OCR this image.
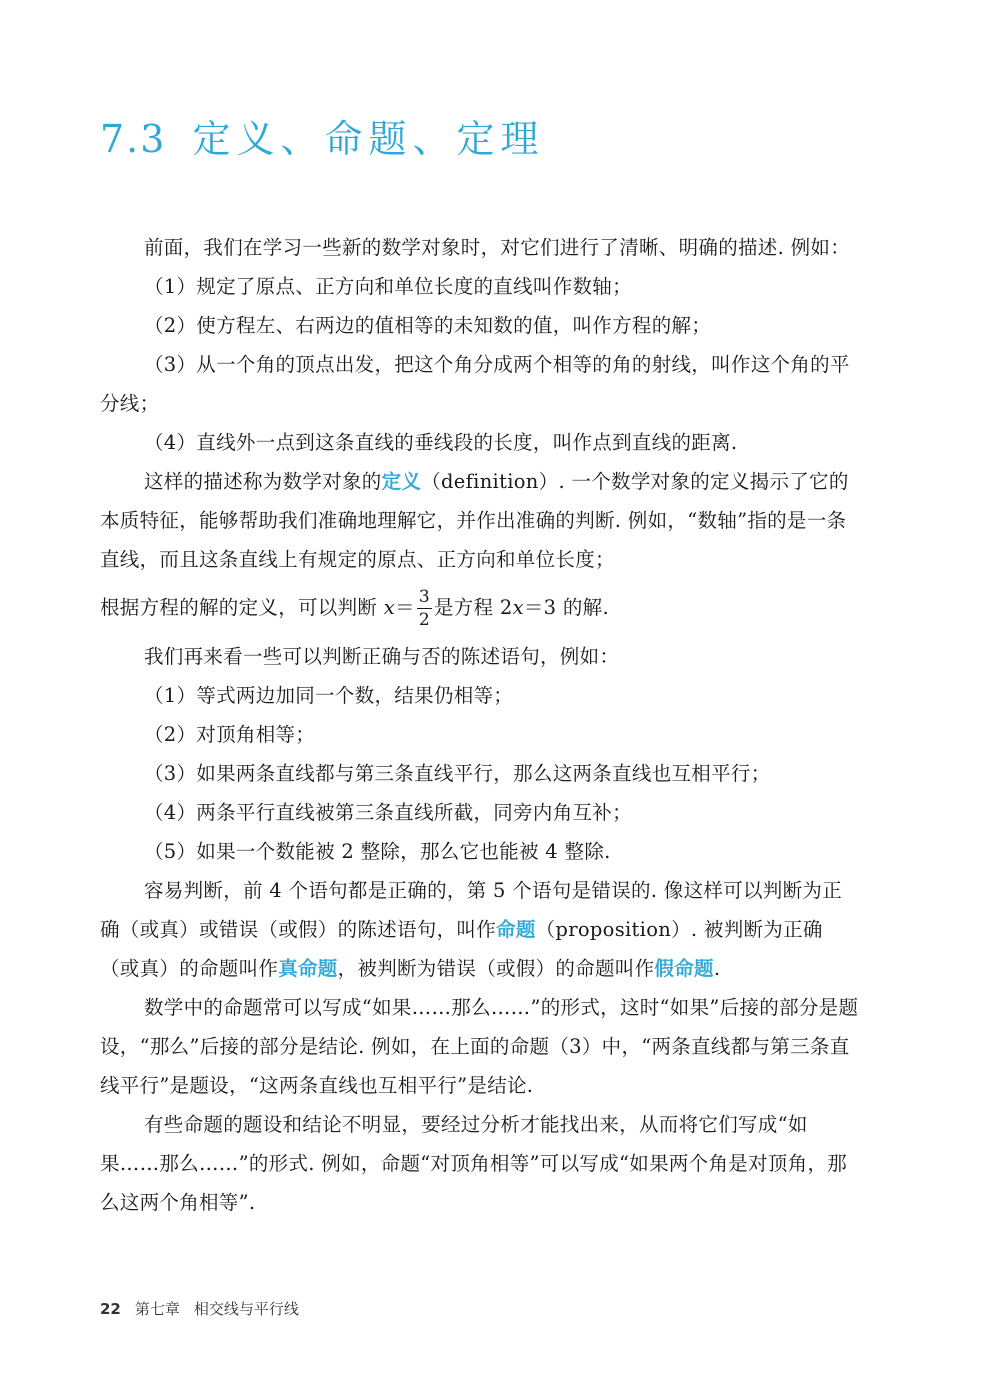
7.3 定义、命题、定理

前面，我们在学习一些新的数学对象时，对它们进行了清晰、明确的描述. 例如：

（1）规定了原点、正方向和单位长度的直线叫作数轴；

（2）使方程左、右两边的值相等的未知数的值，叫作方程的解；

（3）从一个角的顶点出发，把这个角分成两个相等的角的射线，叫作这个角的平分线；

（4）直线外一点到这条直线的垂线段的长度，叫作点到直线的距离.

这样的描述称为数学对象的定义（definition）. 一个数学对象的定义揭示了它的本质特征，能够帮助我们准确地理解它，并作出准确的判断. 例如，“数轴”指的是一条直线，而且这条直线上有规定的原点、正方向和单位长度；

根据方程的解的定义，可以判断 $x= \frac{3}{2}$ 是方程 2x＝3 的解.

我们再来看一些可以判断正确与否的陈述语句，例如：

（1）等式两边加同一个数，结果仍相等；

（2）对顶角相等；

（3）如果两条直线都与第三条直线平行，那么这两条直线也互相平行；

（4）两条平行直线被第三条直线所截，同旁内角互补；

（5）如果一个数能被 2 整除，那么它也能被 4 整除.

容易判断，前 4 个语句都是正确的，第 5 个语句是错误的. 像这样可以判断为正确（或真）或错误（或假）的陈述语句，叫作命题（proposition）. 被判断为正确（或真）的命题叫作真命题，被判断为错误（或假）的命题叫作假命题.

数学中的命题常可以写成“如果……那么……”的形式，这时“如果”后接的部分是题设，“那么”后接的部分是结论. 例如，在上面的命题（3）中，“两条直线都与第三条直线平行”是题设，“这两条直线也互相平行”是结论.

有些命题的题设和结论不明显，要经过分析才能找出来，从而将它们写成“如果……那么……”的形式. 例如，命题“对顶角相等”可以写成“如果两个角是对顶角，那么这两个角相等”.

22 第七章 相交线与平行线
